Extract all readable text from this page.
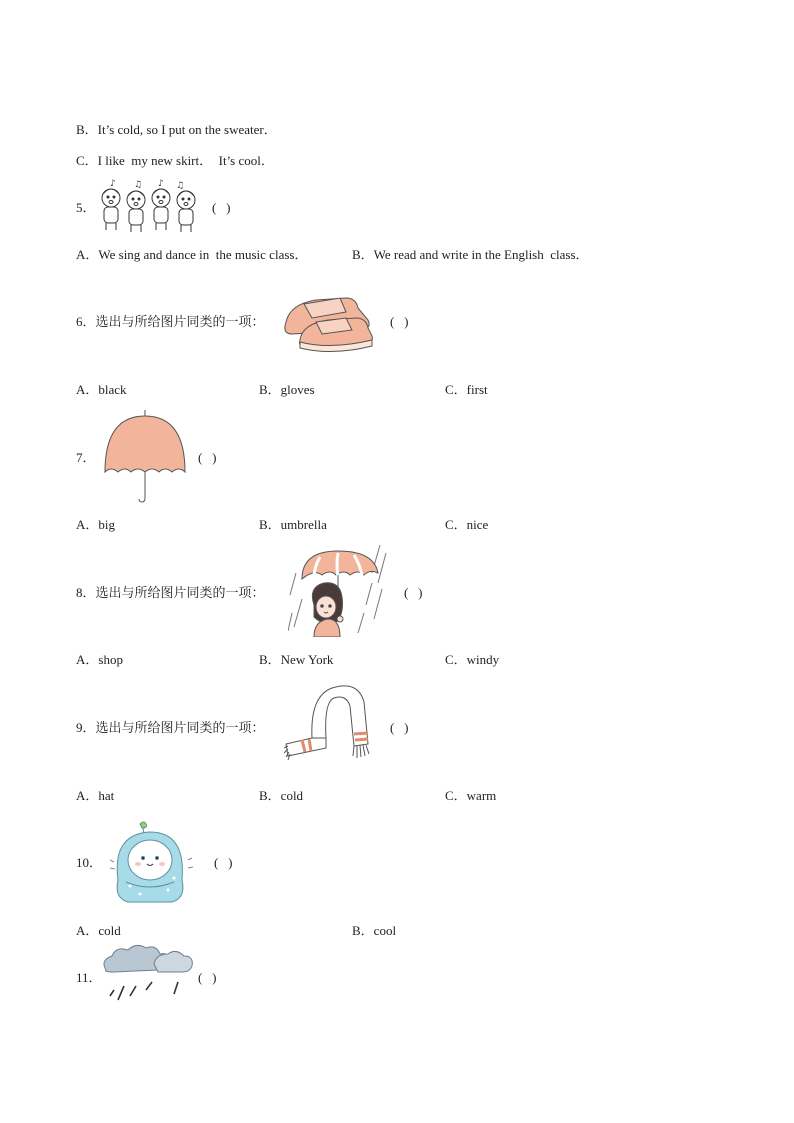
B．It’s cold, so I put on the sweater．
C．I like  my new skirt．  It’s cool．
5．
♪ ♫ ♪ ♫
(   )
A．We sing and dance in  the music class．	B．We read and write in the English  class．
6．选出与所给图片同类的一项：	(   )
A．black	B．gloves	C．first
7．	(   )
A．big	B．umbrella	C．nice
8．选出与所给图片同类的一项：	(   )
A．shop	B．New York	C．windy
9．选出与所给图片同类的一项：	(   )
A．hat	B．cold	C．warm
10．	(   )
A．cold	B．cool
11．	(   )
